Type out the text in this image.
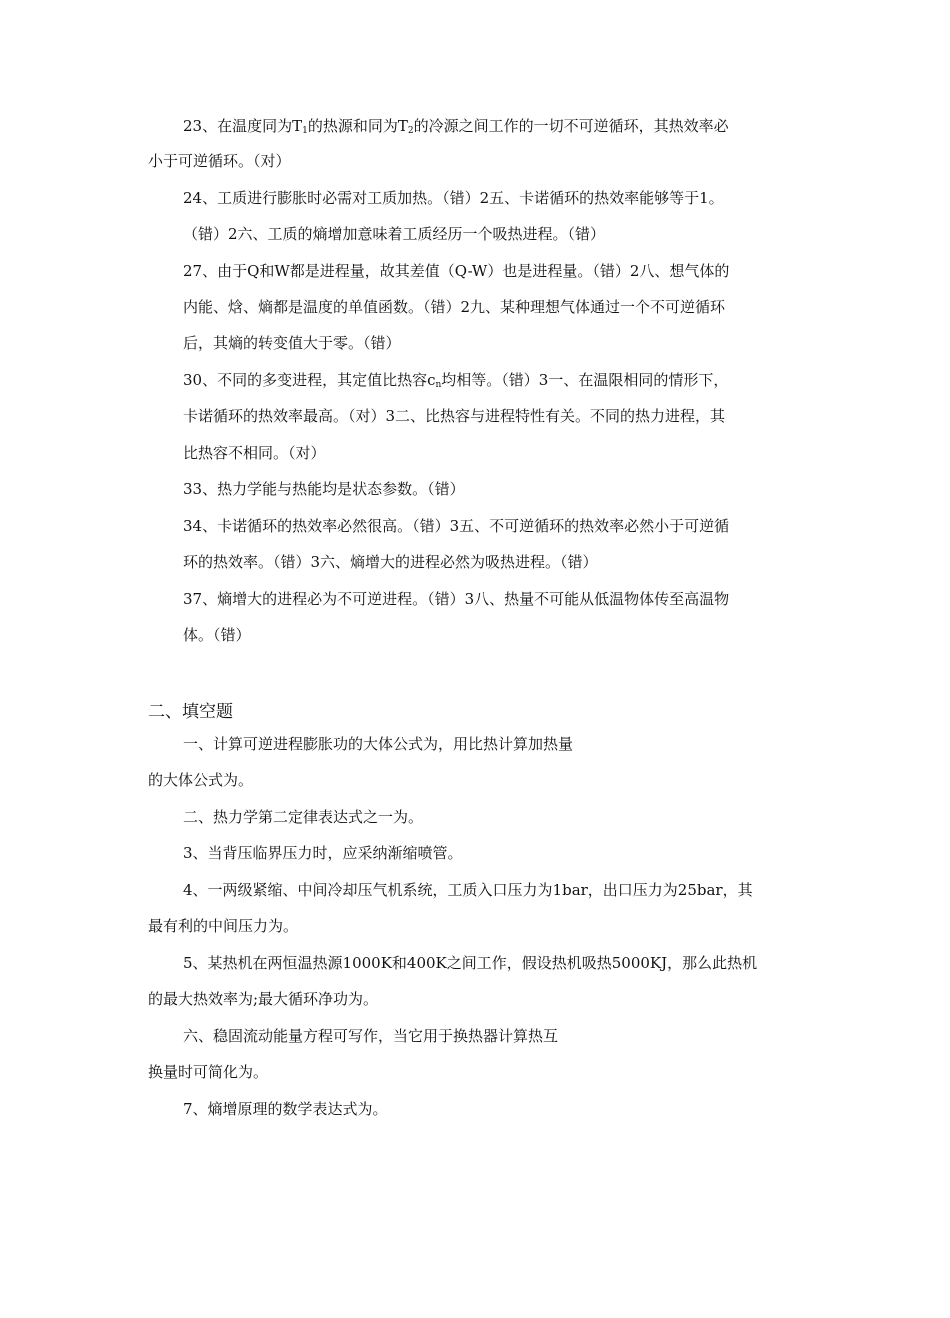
23、在温度同为$T_1$的热源和同为$T_2$的冷源之间工作的一切不可逆循环，其热效率必
小于可逆循环。（对）
24、工质进行膨胀时必需对工质加热。（错）2五、卡诺循环的热效率能够等于1。
（错）2六、工质的熵增加意味着工质经历一个吸热进程。（错）
27、由于Q和W都是进程量，故其差值（Q-W）也是进程量。（错）2八、想气体的
内能、焓、熵都是温度的单值函数。（错）2九、某种理想气体通过一个不可逆循环
后，其熵的转变值大于零。（错）
30、不同的多变进程，其定值比热容$c_n$均相等。（错）3一、在温限相同的情形下，
卡诺循环的热效率最高。（对）3二、比热容与进程特性有关。不同的热力进程，其
比热容不相同。（对）
33、热力学能与热能均是状态参数。（错）
34、卡诺循环的热效率必然很高。（错）3五、不可逆循环的热效率必然小于可逆循
环的热效率。（错）3六、熵增大的进程必然为吸热进程。（错）
37、熵增大的进程必为不可逆进程。（错）3八、热量不可能从低温物体传至高温物
体。（错）
二、填空题
一、计算可逆进程膨胀功的大体公式为，用比热计算加热量
的大体公式为。
二、热力学第二定律表达式之一为。
3、当背压临界压力时，应采纳渐缩喷管。
4、一两级紧缩、中间冷却压气机系统，工质入口压力为1bar，出口压力为25bar，其
最有利的中间压力为。
5、某热机在两恒温热源1000K和400K之间工作，假设热机吸热5000KJ，那么此热机
的最大热效率为;最大循环净功为。
六、稳固流动能量方程可写作，当它用于换热器计算热互
换量时可简化为。
7、熵增原理的数学表达式为。
